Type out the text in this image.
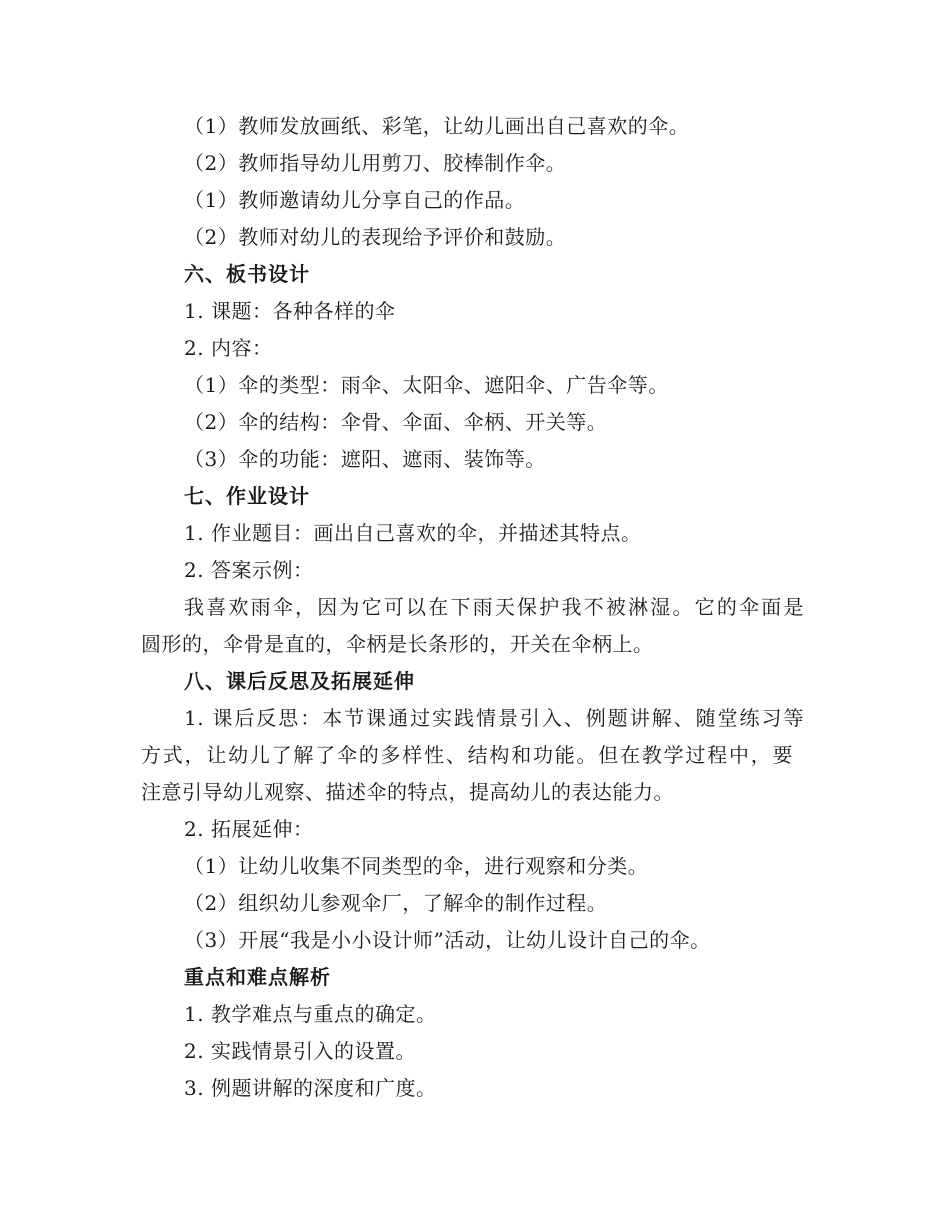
（1）教师发放画纸、彩笔，让幼儿画出自己喜欢的伞。
（2）教师指导幼儿用剪刀、胶棒制作伞。
（1）教师邀请幼儿分享自己的作品。
（2）教师对幼儿的表现给予评价和鼓励。
六、板书设计
1. 课题：各种各样的伞
2. 内容：
（1）伞的类型：雨伞、太阳伞、遮阳伞、广告伞等。
（2）伞的结构：伞骨、伞面、伞柄、开关等。
（3）伞的功能：遮阳、遮雨、装饰等。
七、作业设计
1. 作业题目：画出自己喜欢的伞，并描述其特点。
2. 答案示例：
我喜欢雨伞，因为它可以在下雨天保护我不被淋湿。它的伞面是
圆形的，伞骨是直的，伞柄是长条形的，开关在伞柄上。
八、课后反思及拓展延伸
1. 课后反思：本节课通过实践情景引入、例题讲解、随堂练习等
方式，让幼儿了解了伞的多样性、结构和功能。但在教学过程中，要
注意引导幼儿观察、描述伞的特点，提高幼儿的表达能力。
2. 拓展延伸：
（1）让幼儿收集不同类型的伞，进行观察和分类。
（2）组织幼儿参观伞厂，了解伞的制作过程。
（3）开展“我是小小设计师”活动，让幼儿设计自己的伞。
重点和难点解析
1. 教学难点与重点的确定。
2. 实践情景引入的设置。
3. 例题讲解的深度和广度。
